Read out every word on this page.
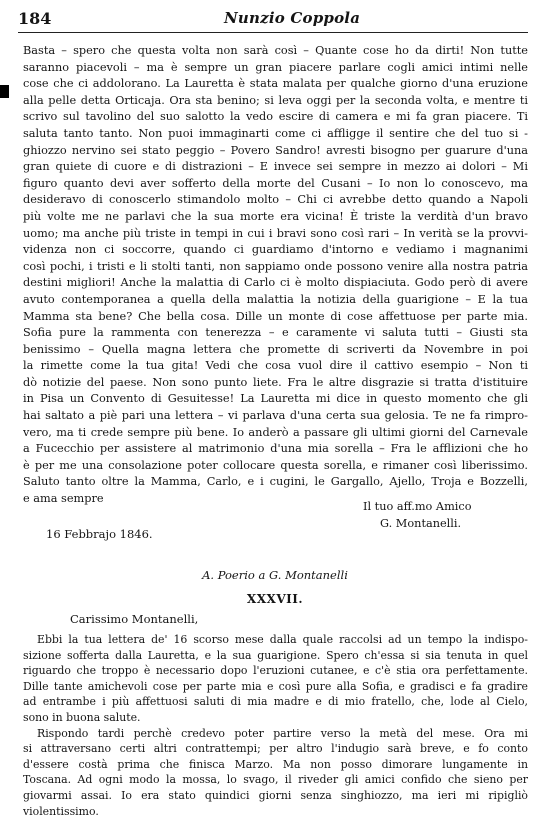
184	Nunzio Coppola
Basta – spero che questa volta non sarà così – Quante cose ho da dirti! Non tutte
saranno piacevoli – ma è sempre un gran piacere parlare cogli amici intimi nelle
cose che ci addolorano. La Lauretta è stata malata per qualche giorno d'una eruzione
alla pelle detta Orticaja. Ora sta benino; si leva oggi per la seconda volta, e mentre ti
scrivo sul tavolino del suo salotto la vedo escire di camera e mi fa gran piacere. Ti
saluta tanto tanto. Non puoi immaginarti come ci affligge il sentire che del tuo si -
ghiozzo nervino sei stato peggio – Povero Sandro! avresti bisogno per guarure d'una
gran quiete di cuore e di distrazioni – E invece sei sempre in mezzo ai dolori – Mi
figuro quanto devi aver sofferto della morte del Cusani – Io non lo conoscevo, ma
desideravo di conoscerlo stimandolo molto – Chi ci avrebbe detto quando a Napoli
più volte me ne parlavi che la sua morte era vicina! È triste la verdità d'un bravo
uomo; ma anche più triste in tempi in cui i bravi sono così rari – In verità se la provvi-
videnza non ci soccorre, quando ci guardiamo d'intorno e vediamo i magnanimi
così pochi, i tristi e li stolti tanti, non sappiamo onde possono venire alla nostra patria
destini migliori! Anche la malattia di Carlo ci è molto dispiaciuta. Godo però di avere
avuto contemporanea a quella della malattia la notizia della guarigione – E la tua
Mamma sta bene? Che bella cosa. Dille un monte di cose affettuose per parte mia.
Sofia pure la rammenta con tenerezza – e caramente vi saluta tutti – Giusti sta
benissimo – Quella magna lettera che promette di scriverti da Novembre in poi
la rimette come la tua gita! Vedi che cosa vuol dire il cattivo esempio – Non ti
dò notizie del paese. Non sono punto liete. Fra le altre disgrazie si tratta d'istituire
in Pisa un Convento di Gesuitesse! La Lauretta mi dice in questo momento che gli
hai saltato a piè pari una lettera – vi parlava d'una certa sua gelosia. Te ne fa rimpro-
vero, ma ti crede sempre più bene. Io anderò a passare gli ultimi giorni del Carnevale
a Fucecchio per assistere al matrimonio d'una mia sorella – Fra le afflizioni che ho
è per me una consolazione poter collocare questa sorella, e rimaner così liberissimo.
Saluto tanto oltre la Mamma, Carlo, e i cugini, le Gargallo, Ajello, Troja e Bozzelli,
e ama sempre
Il tuo aff.mo Amico
G. Montanelli.
16 Febbrajo 1846.
A. Poerio a G. Montanelli
XXXVII.
Carissimo Montanelli,
Ebbi la tua lettera de' 16 scorso mese dalla quale raccolsi ad un tempo la indispo-
sizione sofferta dalla Lauretta, e la sua guarigione. Spero ch'essa si sia tenuta in quel
riguardo che troppo è necessario dopo l'eruzioni cutanee, e c'è stia ora perfettamente.
Dille tante amichevoli cose per parte mia e così pure alla Sofia, e gradisci e fa gradire
ad entrambe i più affettuosi saluti di mia madre e di mio fratello, che, lode al Cielo,
sono in buona salute.
Rispondo tardi perchè credevo poter partire verso la metà del mese. Ora mi
si attraversano certi altri contrattempi; per altro l'indugio sarà breve, e fo conto
d'essere costà prima che finisca Marzo. Ma non posso dimorare lungamente in
Toscana. Ad ogni modo la mossa, lo svago, il riveder gli amici confido che sieno per
giovarmi assai. Io era stato quindici giorni senza singhiozzo, ma ieri mi ripigliò
violentissimo.
